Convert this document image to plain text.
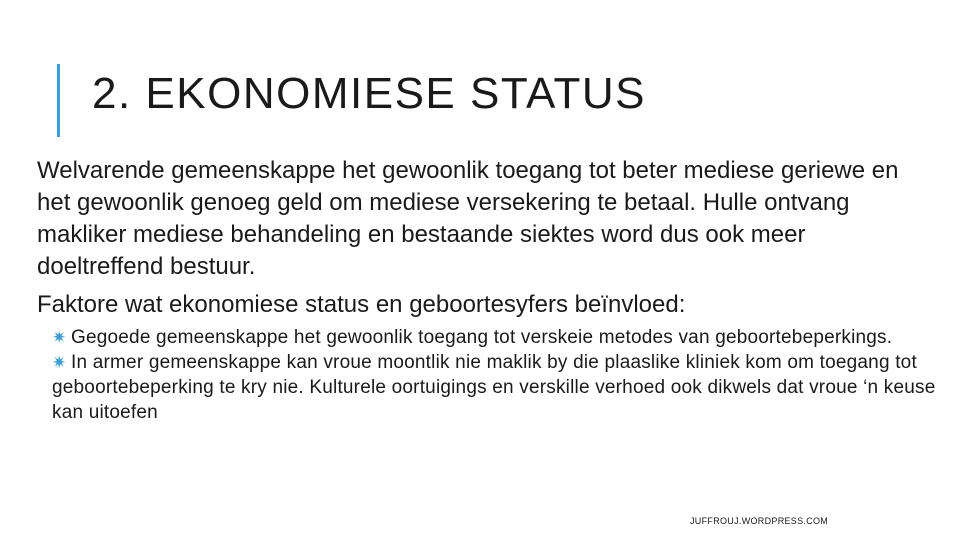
2. EKONOMIESE STATUS

Welvarende gemeenskappe het gewoonlik toegang tot beter mediese geriewe en het gewoonlik genoeg geld om mediese versekering te betaal. Hulle ontvang makliker mediese behandeling en bestaande siektes word dus ook meer doeltreffend bestuur.

Faktore wat ekonomiese status en geboortesyfers beïnvloed:

✷ Gegoede gemeenskappe het gewoonlik toegang tot verskeie metodes van geboortebeperkings.
✷ In armer gemeenskappe kan vroue moontlik nie maklik by die plaaslike kliniek kom om toegang tot geboortebeperking te kry nie. Kulturele oortuigings en verskille verhoed ook dikwels dat vroue ‘n keuse kan uitoefen
JUFFROUJ.WORDPRESS.COM
